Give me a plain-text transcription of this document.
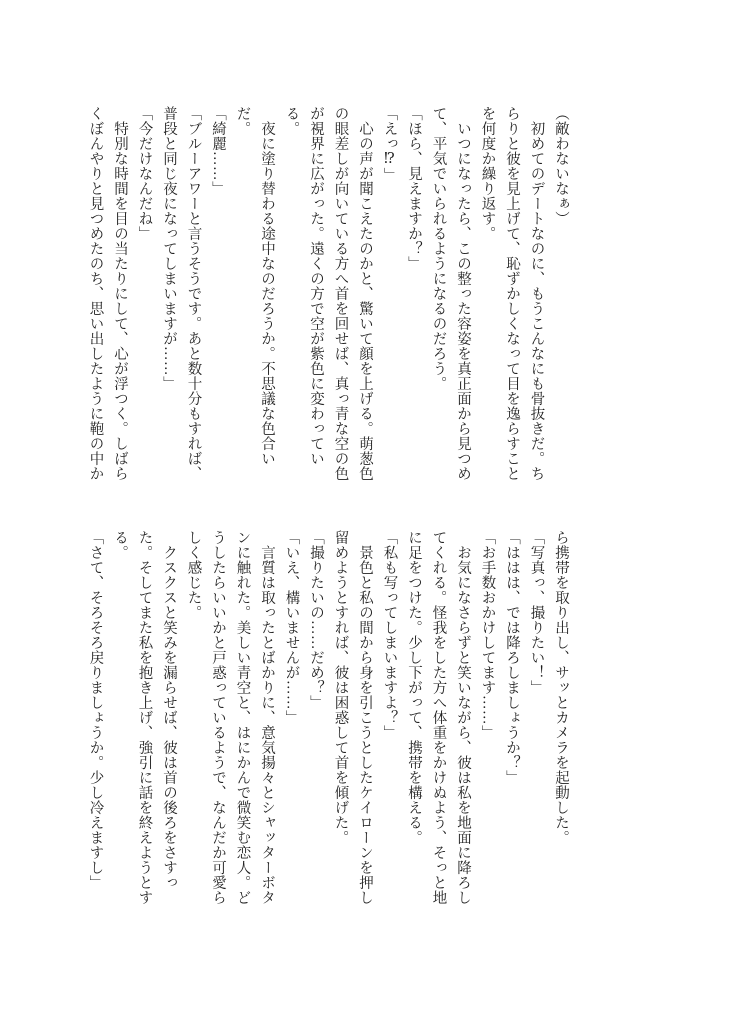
（敵わないなぁ）

　初めてのデートなのに、もうこんなにも骨抜きだ。ち

らりと彼を見上げて、恥ずかしくなって目を逸らすこと

を何度か繰り返す。

　いつになったら、この整った容姿を真正面から見つめ

て、平気でいられるようになるのだろう。

「ほら、見えますか？」

「えっ⁉」

　心の声が聞こえたのかと、驚いて顔を上げる。萌葱色

の眼差しが向いている方へ首を回せば、真っ青な空の色

が視界に広がった。遠くの方で空が紫色に変わってい

る。

　夜に塗り替わる途中なのだろうか。不思議な色合い

だ。

「綺麗……」

「ブルーアワーと言うそうです。あと数十分もすれば、

普段と同じ夜になってしまいますが……」

「今だけなんだね」

　特別な時間を目の当たりにして、心が浮つく。しばら

くぼんやりと見つめたのち、思い出したように鞄の中か

ら携帯を取り出し、サッとカメラを起動した。

「写真っ、撮りたい！」

「ははは、では降ろしましょうか？」

「お手数おかけしてます……」

　お気になさらずと笑いながら、彼は私を地面に降ろし

てくれる。怪我をした方へ体重をかけぬよう、そっと地

に足をつけた。少し下がって、携帯を構える。

「私も写ってしまいますよ？」

　景色と私の間から身を引こうとしたケイローンを押し

留めようとすれば、彼は困惑して首を傾げた。

「撮りたいの……だめ？」

「いえ、構いませんが……」

　言質は取ったとばかりに、意気揚々とシャッターボタ

ンに触れた。美しい青空と、はにかんで微笑む恋人。ど

うしたらいいかと戸惑っているようで、なんだか可愛ら

しく感じた。

　クスクスと笑みを漏らせば、彼は首の後ろをさすっ

た。そしてまた私を抱き上げ、強引に話を終えようとす

る。

「さて、そろそろ戻りましょうか。少し冷えますし」
